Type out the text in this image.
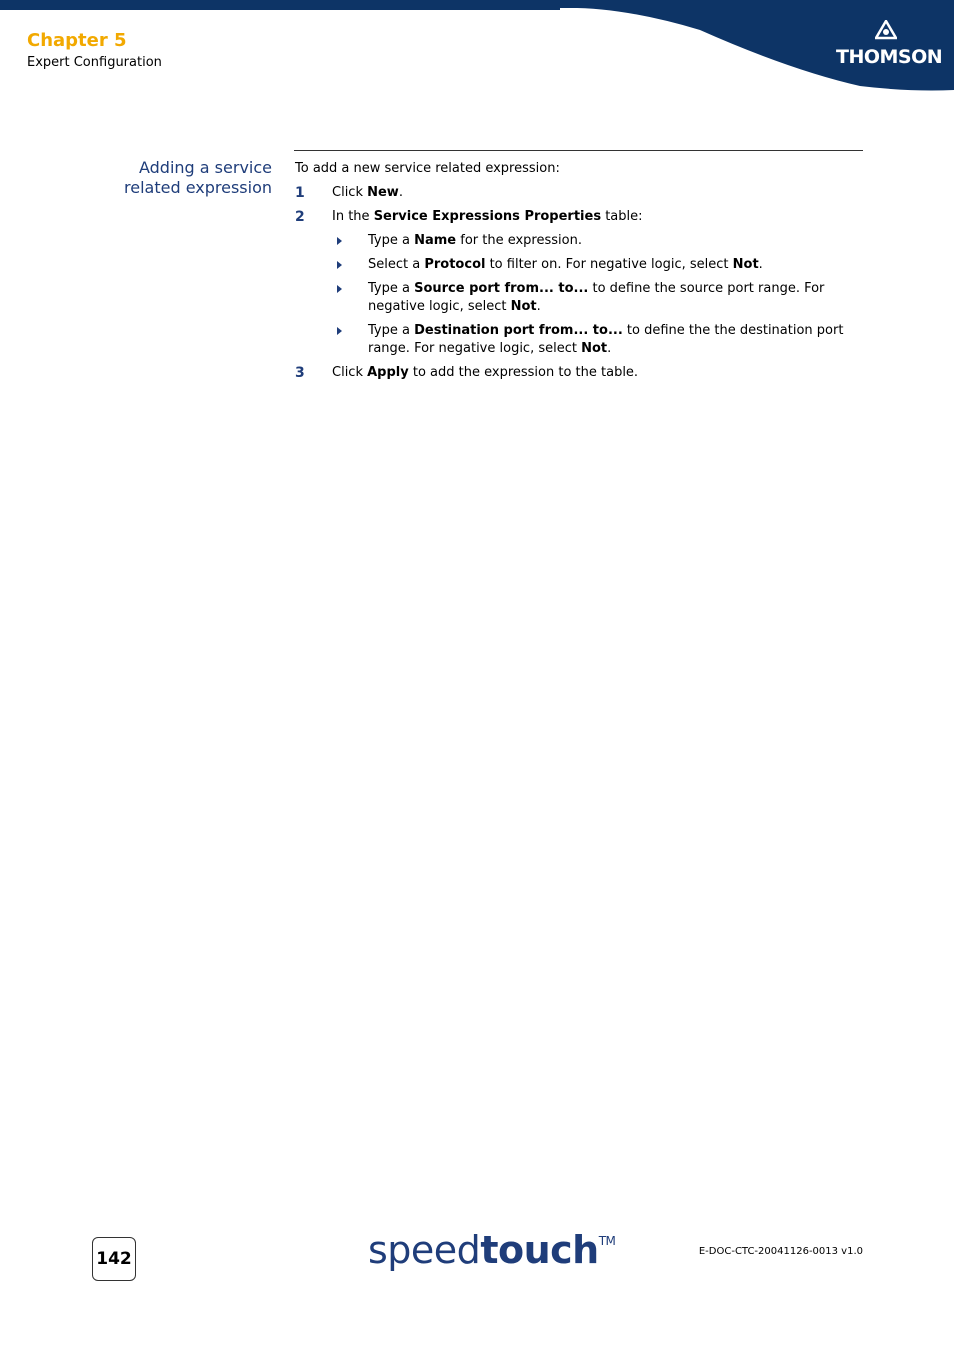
Chapter 5
Expert Configuration	THOMSON
Adding a service
related expression

To add a new service related expression:

1 Click New.
2 In the Service Expressions Properties table:
Type a Name for the expression.
Select a Protocol to filter on. For negative logic, select Not.
Type a Source port from... to... to define the source port range. For negative logic, select Not.
Type a Destination port from... to... to define the the destination port range. For negative logic, select Not.
3 Click Apply to add the expression to the table.
142	speedtouch™
E-DOC-CTC-20041126-0013 v1.0
